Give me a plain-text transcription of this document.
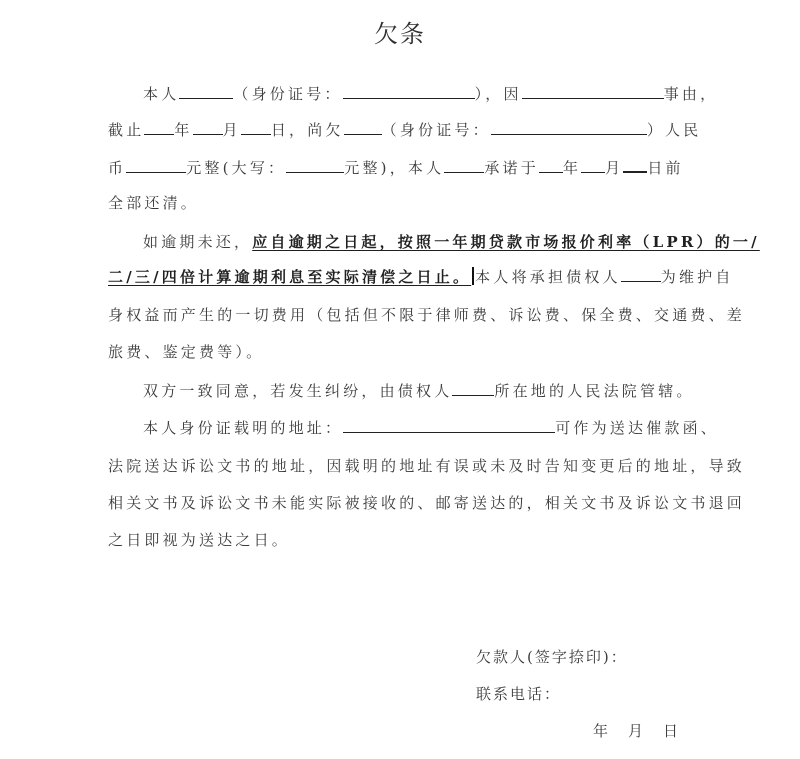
欠条
本人	（身份证号：	），因	事由，
截止 年 月 日，尚欠	（身份证号：	）人民
币	元整(大写：	元整)，本人	承诺于 年 月 日前
全部还清。
如逾期未还，应自逾期之日起，按照一年期贷款市场报价利率（LPR）的一/
二/三/四倍计算逾期利息至实际清偿之日止。 本人将承担债权人	为维护自
身权益而产生的一切费用（包括但不限于律师费、诉讼费、保全费、交通费、差
旅费、鉴定费等）。
双方一致同意，若发生纠纷，由债权人	所在地的人民法院管辖。
本人身份证载明的地址：	可作为送达催款函、
法院送达诉讼文书的地址，因载明的地址有误或未及时告知变更后的地址，导致
相关文书及诉讼文书未能实际被接收的、邮寄送达的，相关文书及诉讼文书退回
之日即视为送达之日。
欠款人(签字捺印)：
联系电话：
年 月 日
